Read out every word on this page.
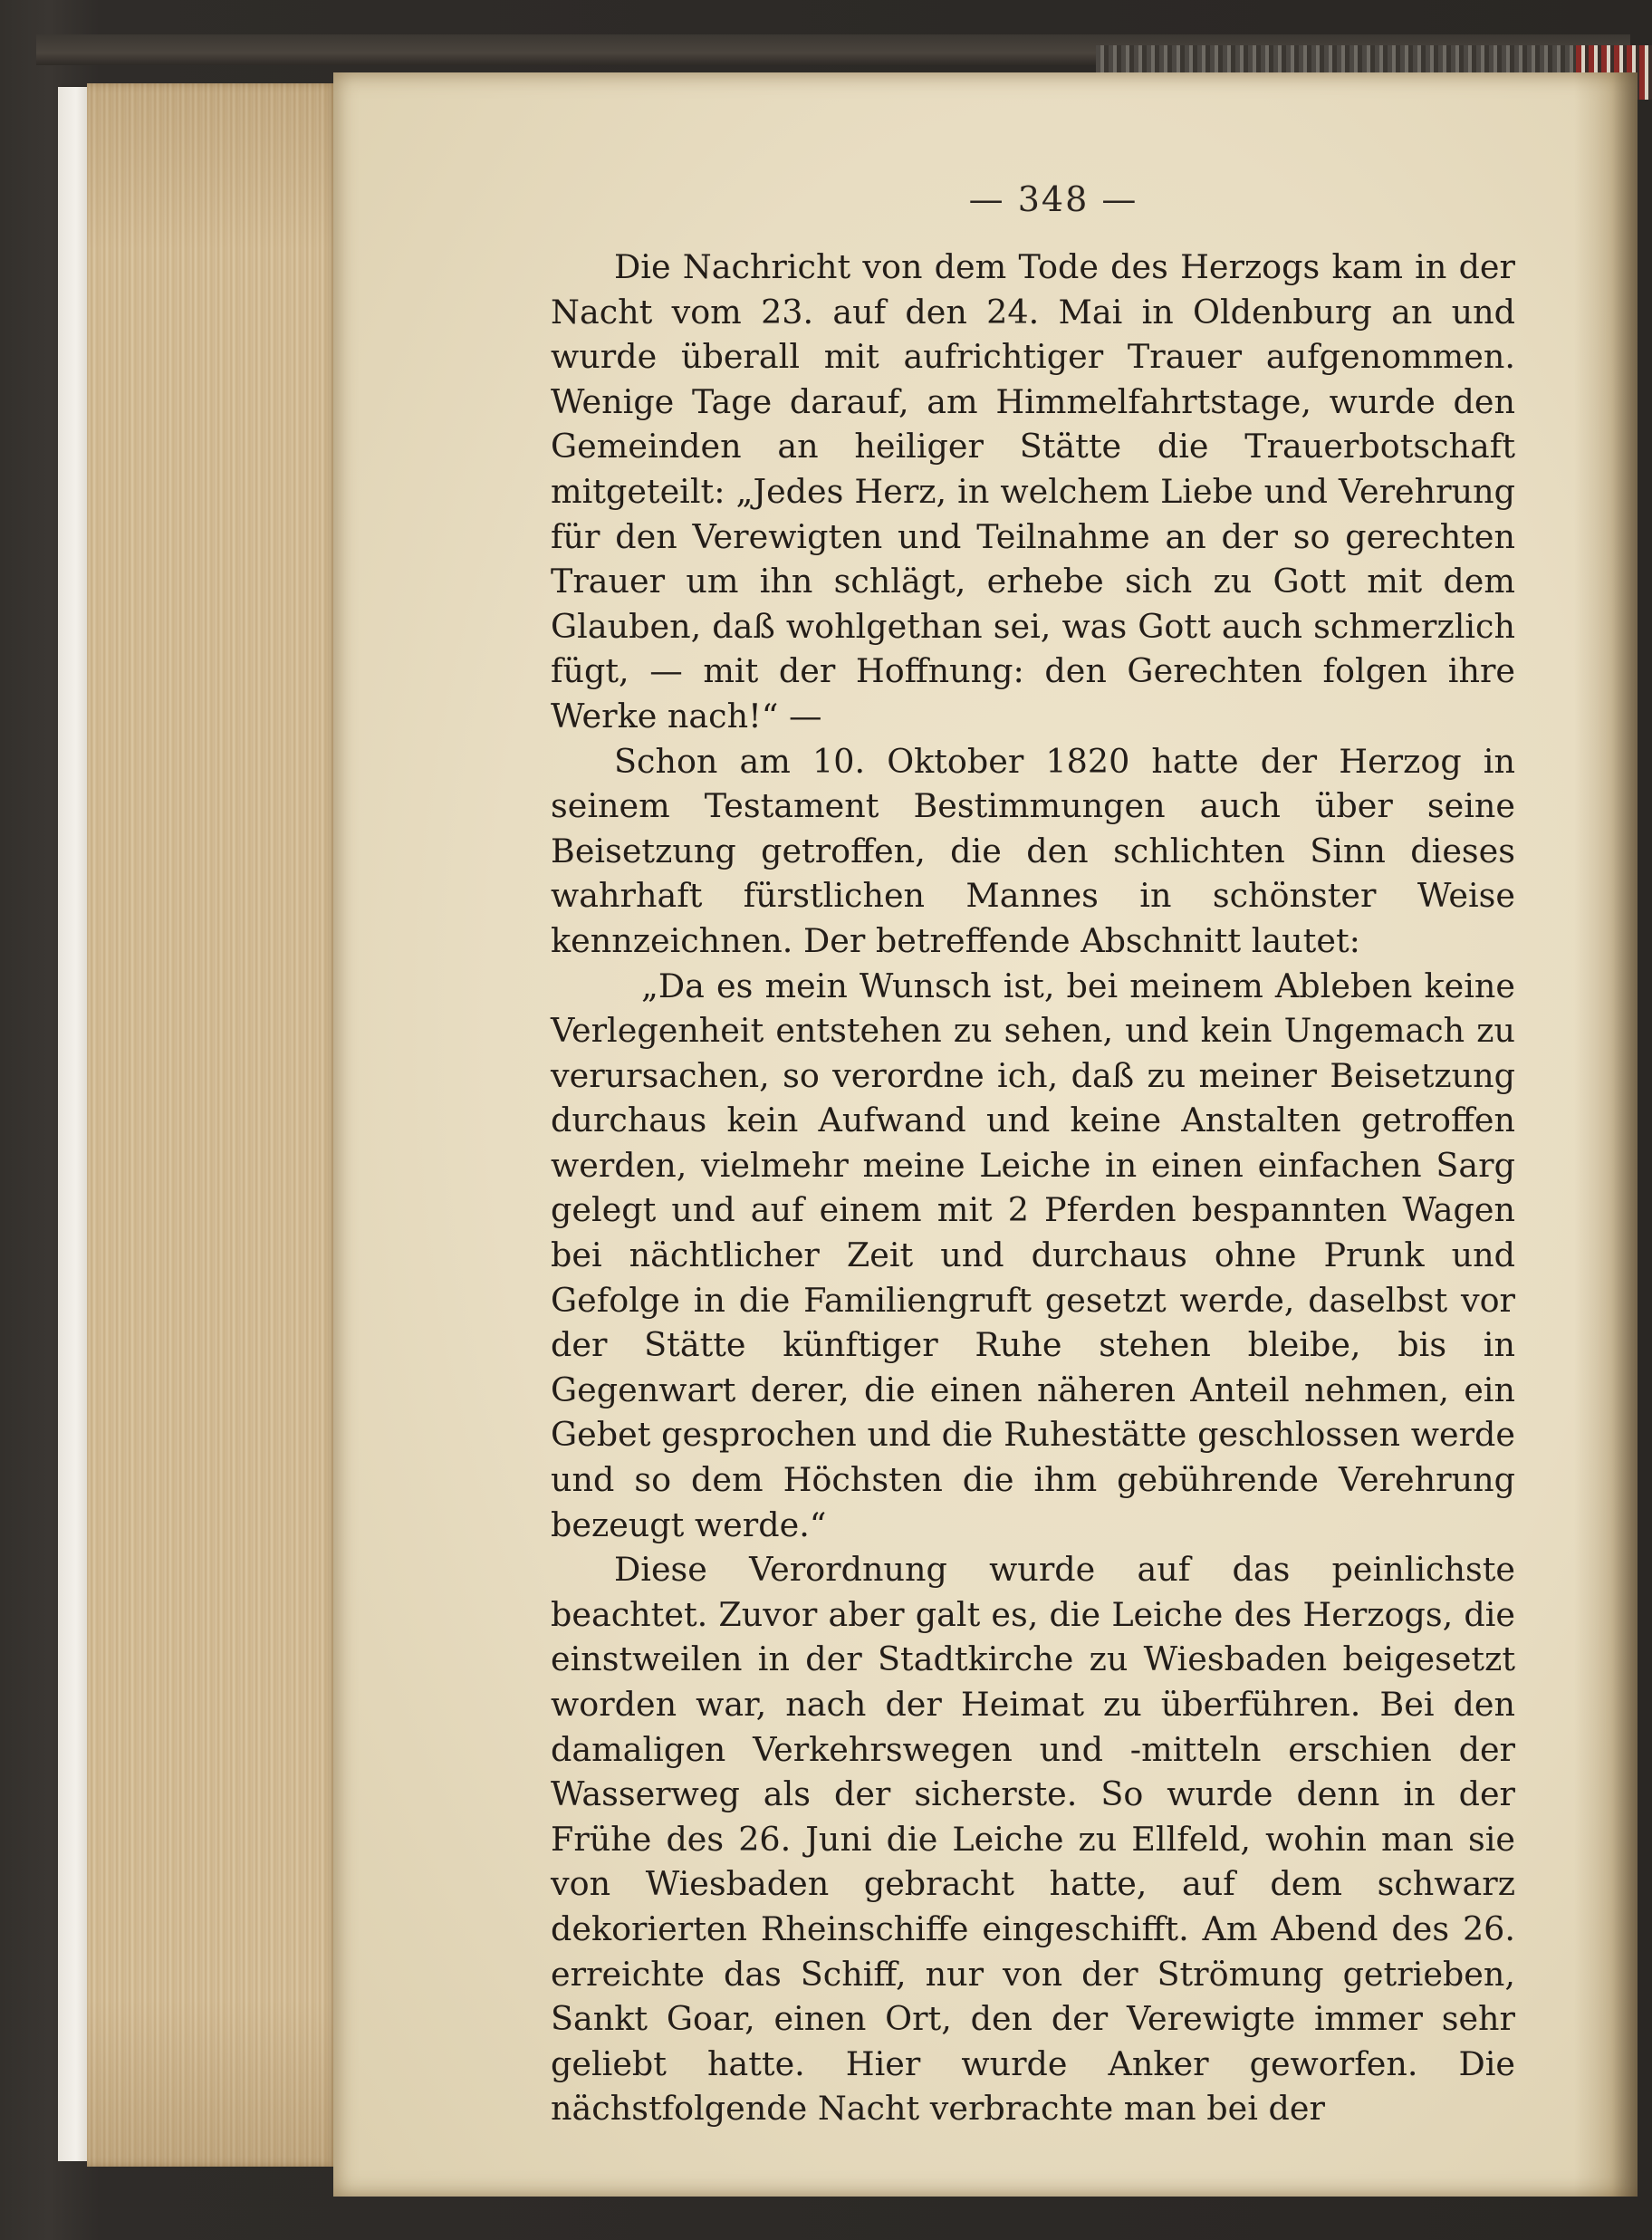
— 348 —

Die Nachricht von dem Tode des Herzogs kam in der Nacht vom 23. auf den 24. Mai in Oldenburg an und wurde überall mit aufrichtiger Trauer aufgenommen. Wenige Tage darauf, am Himmelfahrtstage, wurde den Gemeinden an heiliger Stätte die Trauerbotschaft mitgeteilt: „Jedes Herz, in welchem Liebe und Verehrung für den Verewigten und Teilnahme an der so gerechten Trauer um ihn schlägt, erhebe sich zu Gott mit dem Glauben, daß wohlgethan sei, was Gott auch schmerzlich fügt, — mit der Hoffnung: den Gerechten folgen ihre Werke nach!“ —

Schon am 10. Oktober 1820 hatte der Herzog in seinem Testament Bestimmungen auch über seine Beisetzung getroffen, die den schlichten Sinn dieses wahrhaft fürstlichen Mannes in schönster Weise kennzeichnen. Der betreffende Abschnitt lautet:

„Da es mein Wunsch ist, bei meinem Ableben keine Verlegenheit entstehen zu sehen, und kein Ungemach zu verursachen, so verordne ich, daß zu meiner Beisetzung durchaus kein Aufwand und keine Anstalten getroffen werden, vielmehr meine Leiche in einen einfachen Sarg gelegt und auf einem mit 2 Pferden bespannten Wagen bei nächtlicher Zeit und durchaus ohne Prunk und Gefolge in die Familiengruft gesetzt werde, daselbst vor der Stätte künftiger Ruhe stehen bleibe, bis in Gegenwart derer, die einen näheren Anteil nehmen, ein Gebet gesprochen und die Ruhestätte geschlossen werde und so dem Höchsten die ihm gebührende Verehrung bezeugt werde.“

Diese Verordnung wurde auf das peinlichste beachtet. Zuvor aber galt es, die Leiche des Herzogs, die einstweilen in der Stadtkirche zu Wiesbaden beigesetzt worden war, nach der Heimat zu überführen. Bei den damaligen Verkehrswegen und -mitteln erschien der Wasserweg als der sicherste. So wurde denn in der Frühe des 26. Juni die Leiche zu Ellfeld, wohin man sie von Wiesbaden gebracht hatte, auf dem schwarz dekorierten Rheinschiffe eingeschifft. Am Abend des 26. erreichte das Schiff, nur von der Strömung getrieben, Sankt Goar, einen Ort, den der Verewigte immer sehr geliebt hatte. Hier wurde Anker geworfen. Die nächstfolgende Nacht verbrachte man bei der
